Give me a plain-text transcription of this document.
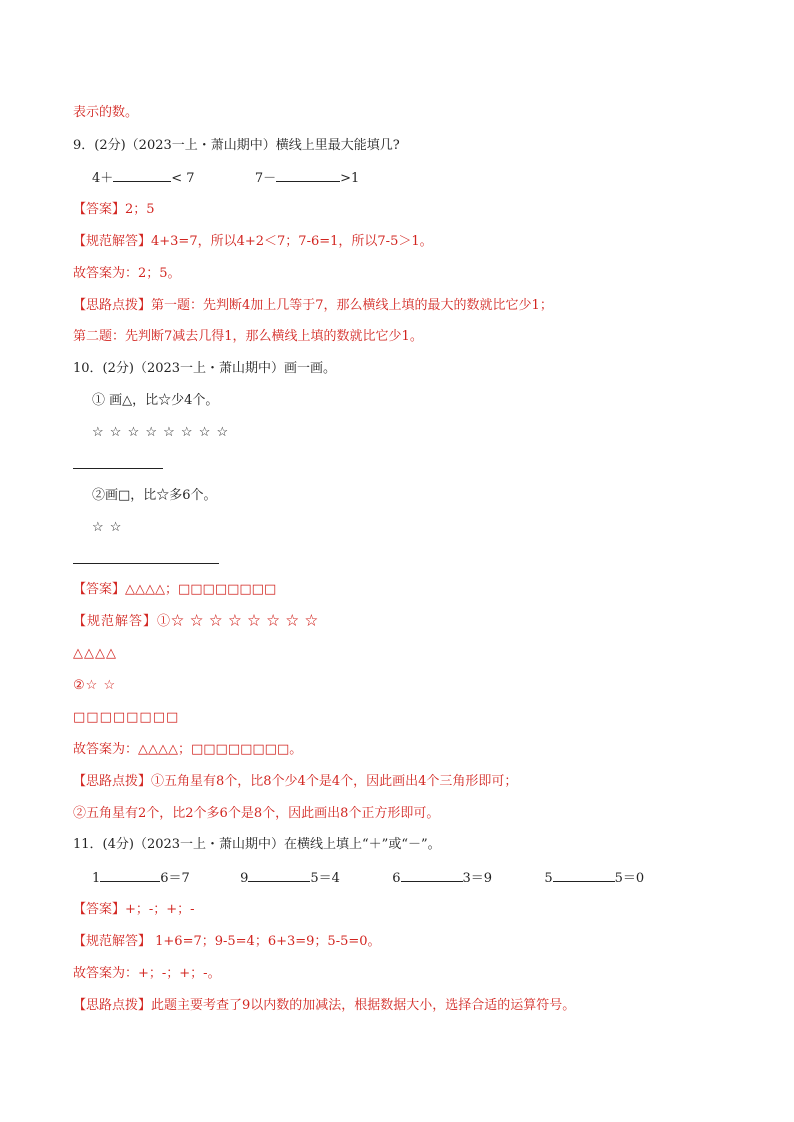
表示的数。
9．(2分)（2023一上・萧山期中）横线上里最大能填几?
4＋	< 7	7－	>1
【答案】2；5
【规范解答】4+3=7，所以4+2＜7；7-6=1，所以7-5＞1。
故答案为：2；5。
【思路点拨】第一题：先判断4加上几等于7，那么横线上填的最大的数就比它少1；
第二题：先判断7减去几得1，那么横线上填的数就比它少1。
10．(2分)（2023一上・萧山期中）画一画。
① 画△，比☆少4个。
☆ ☆ ☆ ☆ ☆ ☆ ☆ ☆
②画□，比☆多6个。
☆ ☆
【答案】△△△△；□□□□□□□□
【规范解答】①☆ ☆ ☆ ☆ ☆ ☆ ☆ ☆
△△△△
②☆ ☆
□□□□□□□□
故答案为：△△△△；□□□□□□□□。
【思路点拨】①五角星有8个，比8个少4个是4个，因此画出4个三角形即可；
②五角星有2个，比2个多6个是8个，因此画出8个正方形即可。
11．(4分)（2023一上・萧山期中）在横线上填上“＋”或“－”。
1	6＝7	9	5＝4	6	3＝9	5	5＝0
【答案】+；-；+；-
【规范解答】 1+6=7；9-5=4；6+3=9；5-5=0。
故答案为：+；-；+；-。
【思路点拨】此题主要考查了9以内数的加减法，根据数据大小，选择合适的运算符号。
